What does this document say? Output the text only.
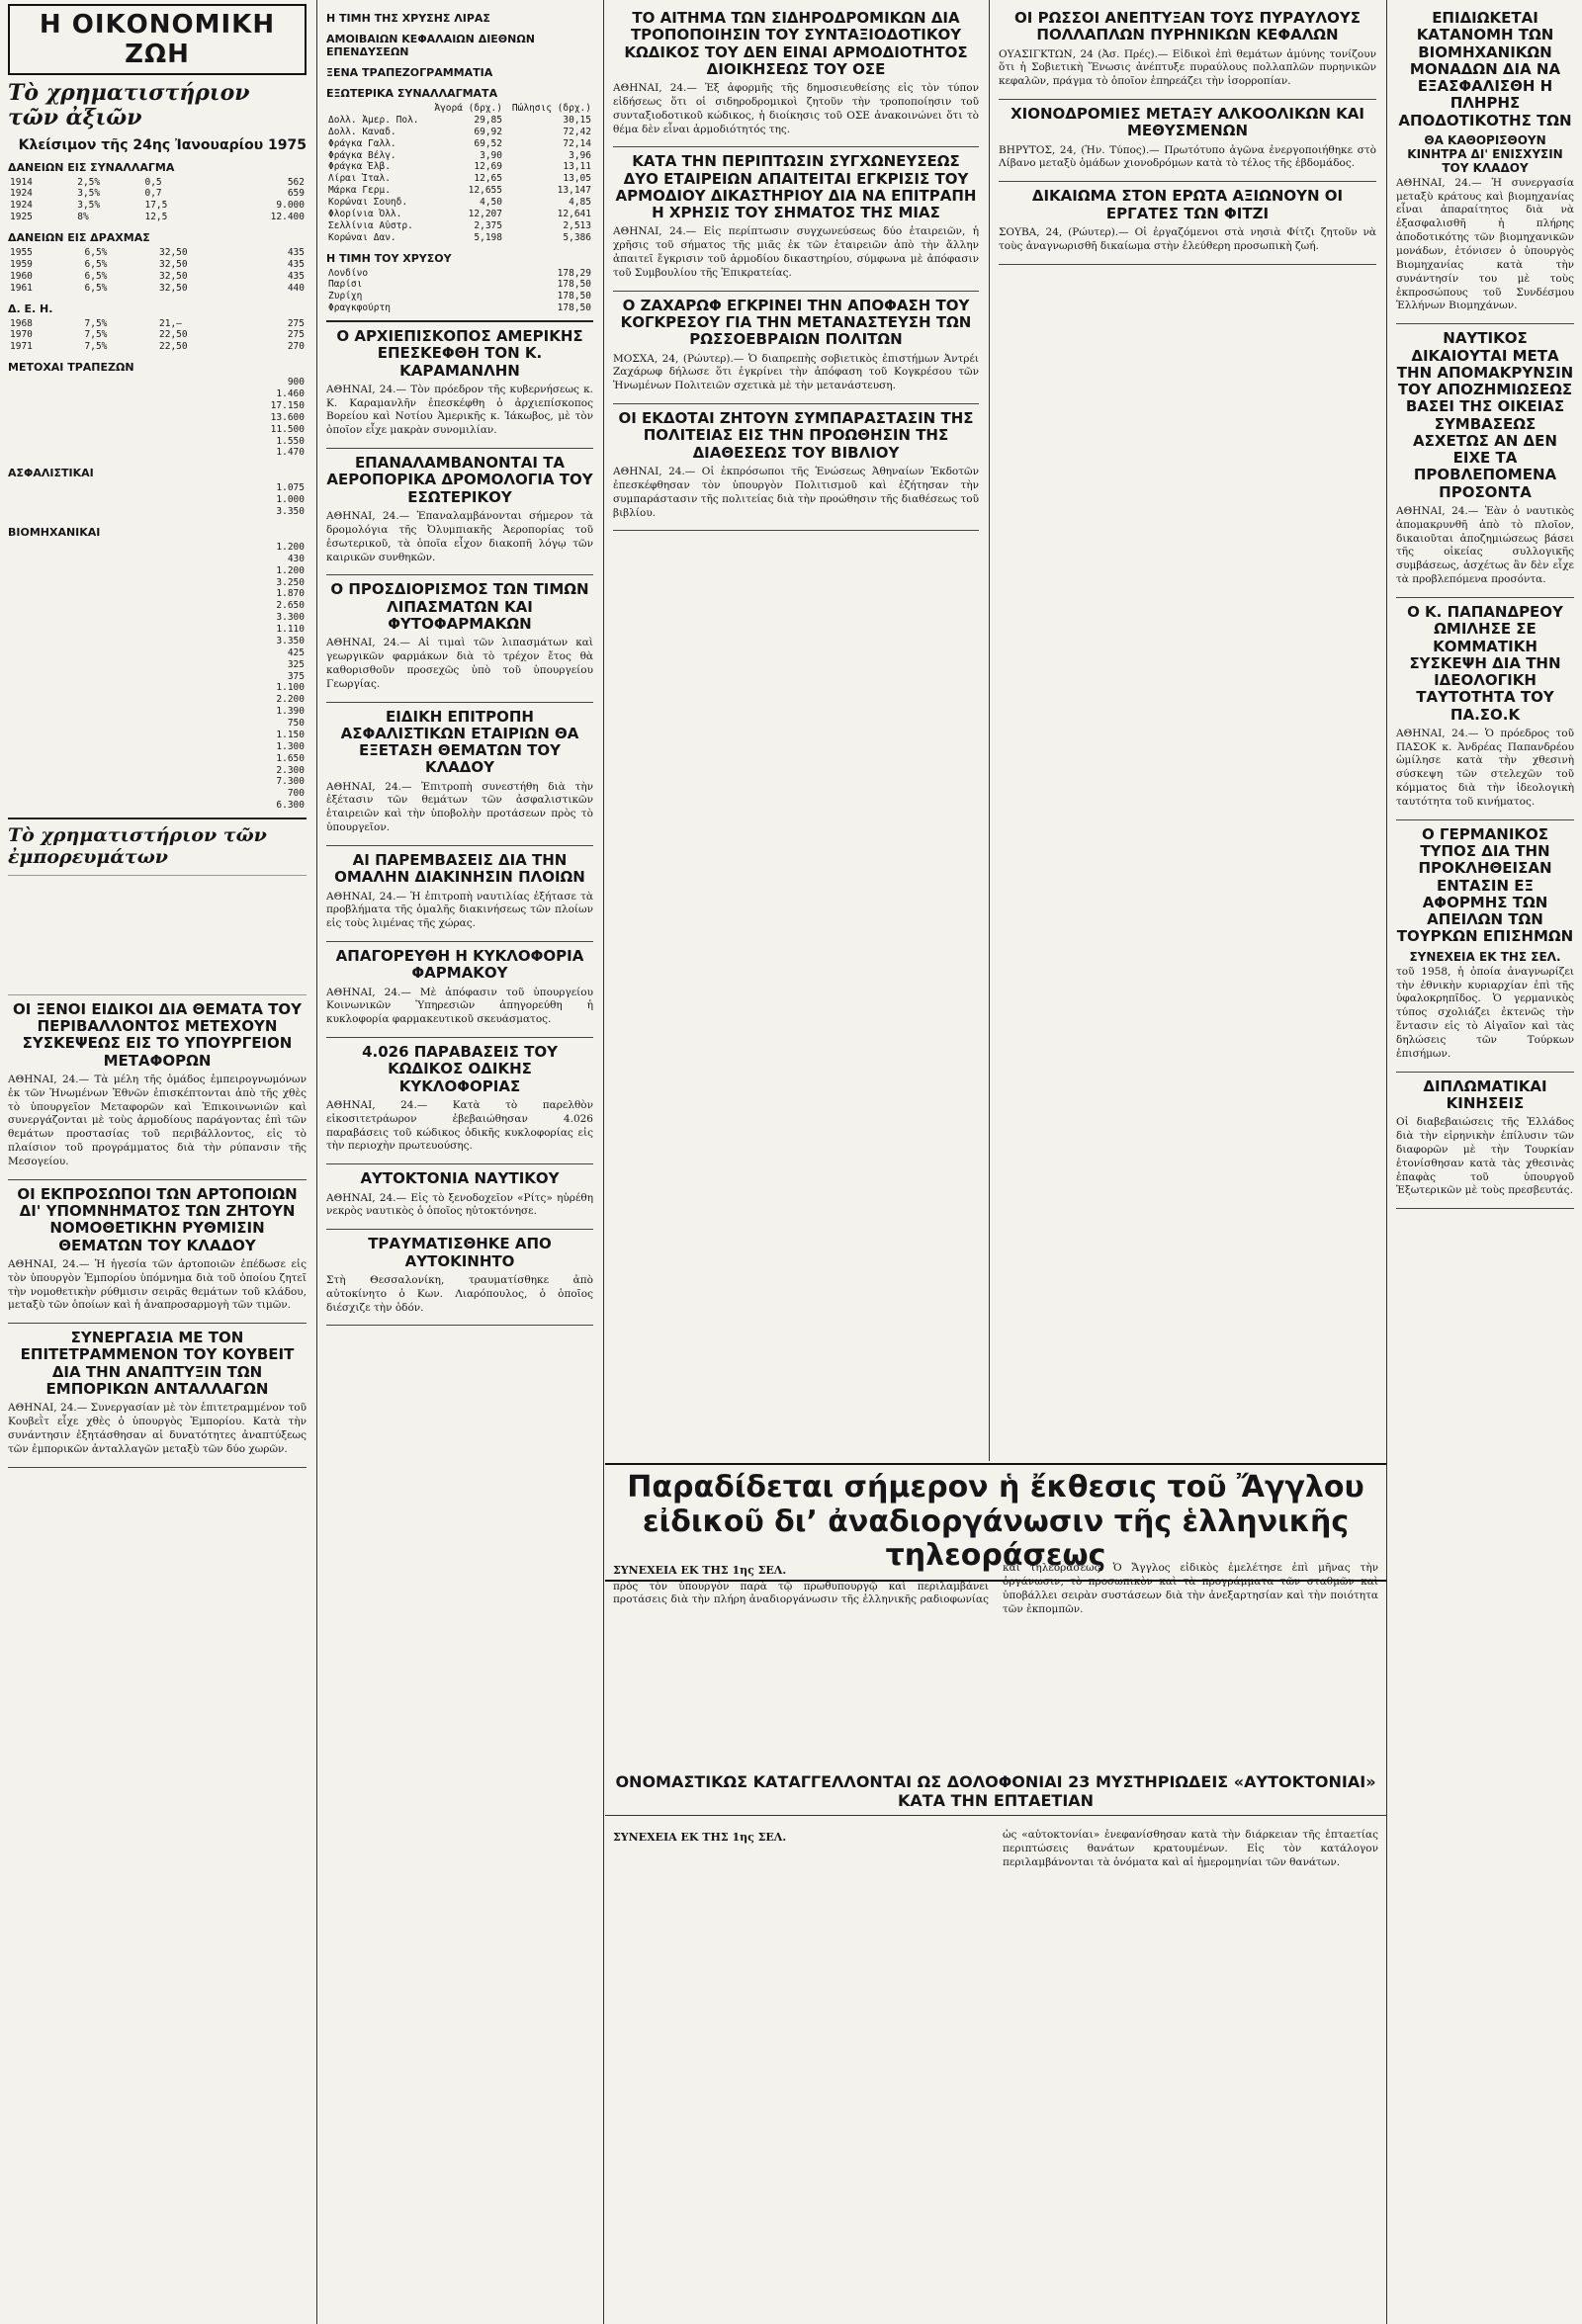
Η ΟΙΚΟΝΟΜΙΚΗ ΖΩΗ
Τὸ χρηματιστήριον τῶν ἀξιῶν
Κλείσιμον τῆς 24ης Ἰανουαρίου 1975
ΔΑΝΕΙΩΝ ΕΙΣ ΣΥΝΑΛΛΑΓΜΑ
1914	2,5%	0,5	562
1924	3,5%	0,7	659
1924	3,5%	17,5	9.000
1925	8%	12,5	12.400
ΔΑΝΕΙΩΝ ΕΙΣ ΔΡΑΧΜΑΣ
1955	6,5%	32,50	435
1959	6,5%	32,50	435
1960	6,5%	32,50	435
1961	6,5%	32,50	440
Δ. Ε. Η.
1968	7,5%	21,—	275
1970	7,5%	22,50	275
1971	7,5%	22,50	270
ΜΕΤΟΧΑΙ ΤΡΑΠΕΖΩΝ
			900
			1.460
			17.150
			13.600
			11.500
			1.550
			1.470
ΑΣΦΑΛΙΣΤΙΚΑΙ
			1.075
			1.000
			3.350
ΒΙΟΜΗΧΑΝΙΚΑΙ
			1.200
			430
			1.200
			3.250
			1.870
			2.650
			3.300
			1.110
			3.350
			425
			325
			375
			1.100
			2.200
			1.390
			750
			1.150
			1.300
			1.650
			2.300
			7.300
			700
			6.300
Τὸ χρηματιστήριον τῶν ἐμπορευμάτων
ΟΙ ΞΕΝΟΙ ΕΙΔΙΚΟΙ ΔΙΑ ΘΕΜΑΤΑ ΤΟΥ ΠΕΡΙΒΑΛΛΟΝΤΟΣ ΜΕΤΕΧΟΥΝ ΣΥΣΚΕΨΕΩΣ ΕΙΣ ΤΟ ΥΠΟΥΡΓΕΙΟΝ ΜΕΤΑΦΟΡΩΝ
ΑΘΗΝΑΙ, 24.— Τὰ μέλη τῆς ὁμάδος ἐμπειρογνωμόνων ἐκ τῶν Ἡνωμένων Ἐθνῶν ἐπισκέπτονται ἀπὸ τῆς χθὲς τὸ ὑπουργεῖον Μεταφορῶν καὶ Ἐπικοινωνιῶν καὶ συνεργάζονται μὲ τοὺς ἁρμοδίους παράγοντας ἐπὶ τῶν θεμάτων προστασίας τοῦ περιβάλλοντος, εἰς τὸ πλαίσιον τοῦ προγράμματος διὰ τὴν ρύπανσιν τῆς Μεσογείου.
ΟΙ ΕΚΠΡΟΣΩΠΟΙ ΤΩΝ ΑΡΤΟΠΟΙΩΝ ΔΙ' ΥΠΟΜΝΗΜΑΤΟΣ ΤΩΝ ΖΗΤΟΥΝ ΝΟΜΟΘΕΤΙΚΗΝ ΡΥΘΜΙΣΙΝ ΘΕΜΑΤΩΝ ΤΟΥ ΚΛΑΔΟΥ
ΑΘΗΝΑΙ, 24.— Ἡ ἡγεσία τῶν ἀρτοποιῶν ἐπέδωσε εἰς τὸν ὑπουργὸν Ἐμπορίου ὑπόμνημα διὰ τοῦ ὁποίου ζητεῖ τὴν νομοθετικὴν ρύθμισιν σειρᾶς θεμάτων τοῦ κλάδου, μεταξὺ τῶν ὁποίων καὶ ἡ ἀναπροσαρμογὴ τῶν τιμῶν.
ΣΥΝΕΡΓΑΣΙΑ ΜΕ ΤΟΝ ΕΠΙΤΕΤΡΑΜΜΕΝΟΝ ΤΟΥ ΚΟΥΒΕΙΤ ΔΙΑ ΤΗΝ ΑΝΑΠΤΥΞΙΝ ΤΩΝ ΕΜΠΟΡΙΚΩΝ ΑΝΤΑΛΛΑΓΩΝ
ΑΘΗΝΑΙ, 24.— Συνεργασίαν μὲ τὸν ἐπιτετραμμένον τοῦ Κουβεῒτ εἶχε χθὲς ὁ ὑπουργὸς Ἐμπορίου. Κατὰ τὴν συνάντησιν ἐξητάσθησαν αἱ δυνατότητες ἀναπτύξεως τῶν ἐμπορικῶν ἀνταλλαγῶν μεταξὺ τῶν δύο χωρῶν.
Η ΤΙΜΗ ΤΗΣ ΧΡΥΣΗΣ ΛΙΡΑΣ
ΑΜΟΙΒΑΙΩΝ ΚΕΦΑΛΑΙΩΝ ΔΙΕΘΝΩΝ ΕΠΕΝΔΥΣΕΩΝ
ΞΕΝΑ ΤΡΑΠΕΖΟΓΡΑΜΜΑΤΙΑ
ΕΞΩΤΕΡΙΚΑ ΣΥΝΑΛΛΑΓΜΑΤΑ
	Ἀγορά (δρχ.)	Πώλησις (δρχ.)
Δολλ. Ἀμερ. Πολ.	29,85	30,15
Δολλ. Καναδ.	69,92	72,42
Φράγκα Γαλλ.	69,52	72,14
Φράγκα Βέλγ.	3,90	3,96
Φράγκα Ἑλβ.	12,69	13,11
Λίραι Ἰταλ.	12,65	13,05
Μάρκα Γερμ.	12,655	13,147
Κορώναι Σουηδ.	4,50	4,85
Φλορίνια Ὀλλ.	12,207	12,641
Σελλίνια Αὐστρ.	2,375	2,513
Κορώναι Δαν.	5,198	5,386
Η ΤΙΜΗ ΤΟΥ ΧΡΥΣΟΥ
Λονδίνο	178,29
Παρίσι	178,50
Ζυρίχη	178,50
Φραγκφούρτη	178,50
Ο ΑΡΧΙΕΠΙΣΚΟΠΟΣ ΑΜΕΡΙΚΗΣ ΕΠΕΣΚΕΦΘΗ ΤΟΝ Κ. ΚΑΡΑΜΑΝΛΗΝ
ΑΘΗΝΑΙ, 24.— Τὸν πρόεδρον τῆς κυβερνήσεως κ. Κ. Καραμανλῆν ἐπεσκέφθη ὁ ἀρχιεπίσκοπος Βορείου καὶ Νοτίου Ἀμερικῆς κ. Ἰάκωβος, μὲ τὸν ὁποῖον εἶχε μακρὰν συνομιλίαν.
ΕΠΑΝΑΛΑΜΒΑΝΟΝΤΑΙ ΤΑ ΑΕΡΟΠΟΡΙΚΑ ΔΡΟΜΟΛΟΓΙΑ ΤΟΥ ΕΣΩΤΕΡΙΚΟΥ
ΑΘΗΝΑΙ, 24.— Ἐπαναλαμβάνονται σήμερον τὰ δρομολόγια τῆς Ὀλυμπιακῆς Ἀεροπορίας τοῦ ἐσωτερικοῦ, τὰ ὁποῖα εἶχον διακοπῆ λόγῳ τῶν καιρικῶν συνθηκῶν.
Ο ΠΡΟΣΔΙΟΡΙΣΜΟΣ ΤΩΝ ΤΙΜΩΝ ΛΙΠΑΣΜΑΤΩΝ ΚΑΙ ΦΥΤΟΦΑΡΜΑΚΩΝ
ΑΘΗΝΑΙ, 24.— Αἱ τιμαὶ τῶν λιπασμάτων καὶ γεωργικῶν φαρμάκων διὰ τὸ τρέχον ἔτος θὰ καθορισθοῦν προσεχῶς ὑπὸ τοῦ ὑπουργείου Γεωργίας.
ΕΙΔΙΚΗ ΕΠΙΤΡΟΠΗ ΑΣΦΑΛΙΣΤΙΚΩΝ ΕΤΑΙΡΙΩΝ ΘΑ ΕΞΕΤΑΣΗ ΘΕΜΑΤΩΝ ΤΟΥ ΚΛΑΔΟΥ
ΑΘΗΝΑΙ, 24.— Ἐπιτροπὴ συνεστήθη διὰ τὴν ἐξέτασιν τῶν θεμάτων τῶν ἀσφαλιστικῶν ἑταιρειῶν καὶ τὴν ὑποβολὴν προτάσεων πρὸς τὸ ὑπουργεῖον.
ΑΙ ΠΑΡΕΜΒΑΣΕΙΣ ΔΙΑ ΤΗΝ ΟΜΑΛΗΝ ΔΙΑΚΙΝΗΣΙΝ ΠΛΟΙΩΝ
ΑΘΗΝΑΙ, 24.— Ἡ ἐπιτροπὴ ναυτιλίας ἐξήτασε τὰ προβλήματα τῆς ὁμαλῆς διακινήσεως τῶν πλοίων εἰς τοὺς λιμένας τῆς χώρας.
ΑΠΑΓΟΡΕΥΘΗ Η ΚΥΚΛΟΦΟΡΙΑ ΦΑΡΜΑΚΟΥ
ΑΘΗΝΑΙ, 24.— Μὲ ἀπόφασιν τοῦ ὑπουργείου Κοινωνικῶν Ὑπηρεσιῶν ἀπηγορεύθη ἡ κυκλοφορία φαρμακευτικοῦ σκευάσματος.
4.026 ΠΑΡΑΒΑΣΕΙΣ ΤΟΥ ΚΩΔΙΚΟΣ ΟΔΙΚΗΣ ΚΥΚΛΟΦΟΡΙΑΣ
ΑΘΗΝΑΙ, 24.— Κατὰ τὸ παρελθὸν εἰκοσιτετράωρον ἐβεβαιώθησαν 4.026 παραβάσεις τοῦ κώδικος ὁδικῆς κυκλοφορίας εἰς τὴν περιοχὴν πρωτευούσης.
ΑΥΤΟΚΤΟΝΙΑ ΝΑΥΤΙΚΟΥ
ΑΘΗΝΑΙ, 24.— Εἰς τὸ ξενοδοχεῖον «Ρίτς» ηὑρέθη νεκρὸς ναυτικὸς ὁ ὁποῖος ηὐτοκτόνησε.
ΤΡΑΥΜΑΤΙΣΘΗΚΕ ΑΠΟ ΑΥΤΟΚΙΝΗΤΟ
Στὴ Θεσσαλονίκη, τραυματίσθηκε ἀπὸ αὐτοκίνητο ὁ Κων. Λιαρόπουλος, ὁ ὁποῖος διέσχιζε τὴν ὁδόν.
ΤΟ ΑΙΤΗΜΑ ΤΩΝ ΣΙΔΗΡΟΔΡΟΜΙΚΩΝ ΔΙΑ ΤΡΟΠΟΠΟΙΗΣΙΝ ΤΟΥ ΣΥΝΤΑΞΙΟΔΟΤΙΚΟΥ ΚΩΔΙΚΟΣ ΤΟΥ ΔΕΝ ΕΙΝΑΙ ΑΡΜΟΔΙΟΤΗΤΟΣ ΔΙΟΙΚΗΣΕΩΣ ΤΟΥ ΟΣΕ
ΑΘΗΝΑΙ, 24.— Ἐξ ἀφορμῆς τῆς δημοσιευθείσης εἰς τὸν τύπον εἰδήσεως ὅτι οἱ σιδηροδρομικοὶ ζητοῦν τὴν τροποποίησιν τοῦ συνταξιοδοτικοῦ κώδικος, ἡ διοίκησις τοῦ ΟΣΕ ἀνακοινώνει ὅτι τὸ θέμα δὲν εἶναι ἁρμοδιότητός της.
ΚΑΤΑ ΤΗΝ ΠΕΡΙΠΤΩΣΙΝ ΣΥΓΧΩΝΕΥΣΕΩΣ ΔΥΟ ΕΤΑΙΡΕΙΩΝ ΑΠΑΙΤΕΙΤΑΙ ΕΓΚΡΙΣΙΣ ΤΟΥ ΑΡΜΟΔΙΟΥ ΔΙΚΑΣΤΗΡΙΟΥ ΔΙΑ ΝΑ ΕΠΙΤΡΑΠΗ Η ΧΡΗΣΙΣ ΤΟΥ ΣΗΜΑΤΟΣ ΤΗΣ ΜΙΑΣ
ΑΘΗΝΑΙ, 24.— Εἰς περίπτωσιν συγχωνεύσεως δύο ἑταιρειῶν, ἡ χρῆσις τοῦ σήματος τῆς μιᾶς ἐκ τῶν ἑταιρειῶν ἀπὸ τὴν ἄλλην ἀπαιτεῖ ἔγκρισιν τοῦ ἁρμοδίου δικαστηρίου, σύμφωνα μὲ ἀπόφασιν τοῦ Συμβουλίου τῆς Ἐπικρατείας.
Ο ΖΑΧΑΡΩΦ ΕΓΚΡΙΝΕΙ ΤΗΝ ΑΠΟΦΑΣΗ ΤΟΥ ΚΟΓΚΡΕΣΟΥ ΓΙΑ ΤΗΝ ΜΕΤΑΝΑΣΤΕΥΣΗ ΤΩΝ ΡΩΣΣΟΕΒΡΑΙΩΝ ΠΟΛΙΤΩΝ
ΜΟΣΧΑ, 24, (Ρώυτερ).— Ὁ διαπρεπὴς σοβιετικὸς ἐπιστήμων Ἀντρέι Ζαχάρωφ δήλωσε ὅτι ἐγκρίνει τὴν ἀπόφαση τοῦ Κογκρέσου τῶν Ἡνωμένων Πολιτειῶν σχετικὰ μὲ τὴν μετανάστευση.
ΟΙ ΕΚΔΟΤΑΙ ΖΗΤΟΥΝ ΣΥΜΠΑΡΑΣΤΑΣΙΝ ΤΗΣ ΠΟΛΙΤΕΙΑΣ ΕΙΣ ΤΗΝ ΠΡΟΩΘΗΣΙΝ ΤΗΣ ΔΙΑΘΕΣΕΩΣ ΤΟΥ ΒΙΒΛΙΟΥ
ΑΘΗΝΑΙ, 24.— Οἱ ἐκπρόσωποι τῆς Ἑνώσεως Ἀθηναίων Ἐκδοτῶν ἐπεσκέφθησαν τὸν ὑπουργὸν Πολιτισμοῦ καὶ ἐζήτησαν τὴν συμπαράστασιν τῆς πολιτείας διὰ τὴν προώθησιν τῆς διαθέσεως τοῦ βιβλίου.
ΟΙ ΡΩΣΣΟΙ ΑΝΕΠΤΥΞΑΝ ΤΟΥΣ ΠΥΡΑΥΛΟΥΣ ΠΟΛΛΑΠΛΩΝ ΠΥΡΗΝΙΚΩΝ ΚΕΦΑΛΩΝ
ΟΥΑΣΙΓΚΤΩΝ, 24 (Ἀσ. Πρές).— Εἰδικοὶ ἐπὶ θεμάτων ἀμύνης τονίζουν ὅτι ἡ Σοβιετικὴ Ἕνωσις ἀνέπτυξε πυραύλους πολλαπλῶν πυρηνικῶν κεφαλῶν, πράγμα τὸ ὁποῖον ἐπηρεάζει τὴν ἰσορροπίαν.
ΧΙΟΝΟΔΡΟΜΙΕΣ ΜΕΤΑΞΥ ΑΛΚΟΟΛΙΚΩΝ ΚΑΙ ΜΕΘΥΣΜΕΝΩΝ
ΒΗΡΥΤΟΣ, 24, (Ἡν. Τύπος).— Πρωτότυπο ἀγῶνα ἐνεργοποιήθηκε στὸ Λίβανο μεταξὺ ὁμάδων χιονοδρόμων κατὰ τὸ τέλος τῆς ἑβδομάδος.
ΔΙΚΑΙΩΜΑ ΣΤΟΝ ΕΡΩΤΑ ΑΞΙΩΝΟΥΝ ΟΙ ΕΡΓΑΤΕΣ ΤΩΝ ΦΙΤΖΙ
ΣΟΥΒΑ, 24, (Ρώυτερ).— Οἱ ἐργαζόμενοι στὰ νησιὰ Φίτζι ζητοῦν νὰ τοὺς ἀναγνωρισθῆ δικαίωμα στὴν ἐλεύθερη προσωπικὴ ζωή.
Παραδίδεται σήμερον ἡ ἔκθεσις τοῦ Ἄγγλου εἰδικοῦ διʼ ἀναδιοργάνωσιν τῆς ἑλληνικῆς τηλεοράσεως
ΣΥΝΕΧΕΙΑ ΕΚ ΤΗΣ 1ης ΣΕΛ.
πρὸς τὸν ὑπουργὸν παρὰ τῷ πρωθυπουργῷ καὶ περιλαμβάνει προτάσεις διὰ τὴν πλήρη ἀναδιοργάνωσιν τῆς ἑλληνικῆς ραδιοφωνίας καὶ τηλεοράσεως. Ὁ Ἄγγλος εἰδικὸς ἐμελέτησε ἐπὶ μῆνας τὴν ὀργάνωσιν, τὸ προσωπικὸν καὶ τὰ προγράμματα τῶν σταθμῶν καὶ ὑποβάλλει σειρὰν συστάσεων διὰ τὴν ἀνεξαρτησίαν καὶ τὴν ποιότητα τῶν ἐκπομπῶν.
ΟΝΟΜΑΣΤΙΚΩΣ ΚΑΤΑΓΓΕΛΛΟΝΤΑΙ ΩΣ ΔΟΛΟΦΟΝΙΑΙ 23 ΜΥΣΤΗΡΙΩΔΕΙΣ «ΑΥΤΟΚΤΟΝΙΑΙ» ΚΑΤΑ ΤΗΝ ΕΠΤΑΕΤΙΑΝ
ΣΥΝΕΧΕΙΑ ΕΚ ΤΗΣ 1ης ΣΕΛ.	ὡς «αὐτοκτονίαι» ἐνεφανίσθησαν κατὰ τὴν διάρκειαν τῆς ἑπταετίας περιπτώσεις θανάτων κρατουμένων. Εἰς τὸν κατάλογον περιλαμβάνονται τὰ ὀνόματα καὶ αἱ ἡμερομηνίαι τῶν θανάτων.
ΕΠΙΔΙΩΚΕΤΑΙ ΚΑΤΑΝΟΜΗ ΤΩΝ ΒΙΟΜΗΧΑΝΙΚΩΝ ΜΟΝΑΔΩΝ ΔΙΑ ΝΑ ΕΞΑΣΦΑΛΙΣΘΗ Η ΠΛΗΡΗΣ ΑΠΟΔΟΤΙΚΟΤΗΣ ΤΩΝ
ΘΑ ΚΑΘΟΡΙΣΘΟΥΝ ΚΙΝΗΤΡΑ ΔΙ' ΕΝΙΣΧΥΣΙΝ ΤΟΥ ΚΛΑΔΟΥ
ΑΘΗΝΑΙ, 24.— Ἡ συνεργασία μεταξὺ κράτους καὶ βιομηχανίας εἶναι ἀπαραίτητος διὰ νὰ ἐξασφαλισθῆ ἡ πλήρης ἀποδοτικότης τῶν βιομηχανικῶν μονάδων, ἐτόνισεν ὁ ὑπουργὸς Βιομηχανίας κατὰ τὴν συνάντησίν του μὲ τοὺς ἐκπροσώπους τοῦ Συνδέσμου Ἑλλήνων Βιομηχάνων.
ΝΑΥΤΙΚΟΣ ΔΙΚΑΙΟΥΤΑΙ ΜΕΤΑ ΤΗΝ ΑΠΟΜΑΚΡΥΝΣΙΝ ΤΟΥ ΑΠΟΖΗΜΙΩΣΕΩΣ ΒΑΣΕΙ ΤΗΣ ΟΙΚΕΙΑΣ ΣΥΜΒΑΣΕΩΣ ΑΣΧΕΤΩΣ ΑΝ ΔΕΝ ΕΙΧΕ ΤΑ ΠΡΟΒΛΕΠΟΜΕΝΑ ΠΡΟΣΟΝΤΑ
ΑΘΗΝΑΙ, 24.— Ἐὰν ὁ ναυτικὸς ἀπομακρυνθῆ ἀπὸ τὸ πλοῖον, δικαιοῦται ἀποζημιώσεως βάσει τῆς οἰκείας συλλογικῆς συμβάσεως, ἀσχέτως ἂν δὲν εἶχε τὰ προβλεπόμενα προσόντα.
Ο Κ. ΠΑΠΑΝΔΡΕΟΥ ΩΜΙΛΗΣΕ ΣΕ ΚΟΜΜΑΤΙΚΗ ΣΥΣΚΕΨΗ ΔΙΑ ΤΗΝ ΙΔΕΟΛΟΓΙΚΗ ΤΑΥΤΟΤΗΤΑ ΤΟΥ ΠΑ.ΣΟ.Κ
ΑΘΗΝΑΙ, 24.— Ὁ πρόεδρος τοῦ ΠΑΣΟΚ κ. Ἀνδρέας Παπανδρέου ὡμίλησε κατὰ τὴν χθεσινὴ σύσκεψη τῶν στελεχῶν τοῦ κόμματος διὰ τὴν ἰδεολογικὴ ταυτότητα τοῦ κινήματος.
Ο ΓΕΡΜΑΝΙΚΟΣ ΤΥΠΟΣ ΔΙΑ ΤΗΝ ΠΡΟΚΛΗΘΕΙΣΑΝ ΕΝΤΑΣΙΝ ΕΞ ΑΦΟΡΜΗΣ ΤΩΝ ΑΠΕΙΛΩΝ ΤΩΝ ΤΟΥΡΚΩΝ ΕΠΙΣΗΜΩΝ
ΣΥΝΕΧΕΙΑ ΕΚ ΤΗΣ ΣΕΛ.
τοῦ 1958, ἡ ὁποία ἀναγνωρίζει τὴν ἐθνικὴν κυριαρχίαν ἐπὶ τῆς ὑφαλοκρηπῖδος. Ὁ γερμανικὸς τύπος σχολιάζει ἐκτενῶς τὴν ἔντασιν εἰς τὸ Αἰγαῖον καὶ τὰς δηλώσεις τῶν Τούρκων ἐπισήμων.
ΔΙΠΛΩΜΑΤΙΚΑΙ ΚΙΝΗΣΕΙΣ
Οἱ διαβεβαιώσεις τῆς Ἑλλάδος διὰ τὴν εἰρηνικὴν ἐπίλυσιν τῶν διαφορῶν μὲ τὴν Τουρκίαν ἐτονίσθησαν κατὰ τὰς χθεσινὰς ἐπαφὰς τοῦ ὑπουργοῦ Ἐξωτερικῶν μὲ τοὺς πρεσβευτάς.
